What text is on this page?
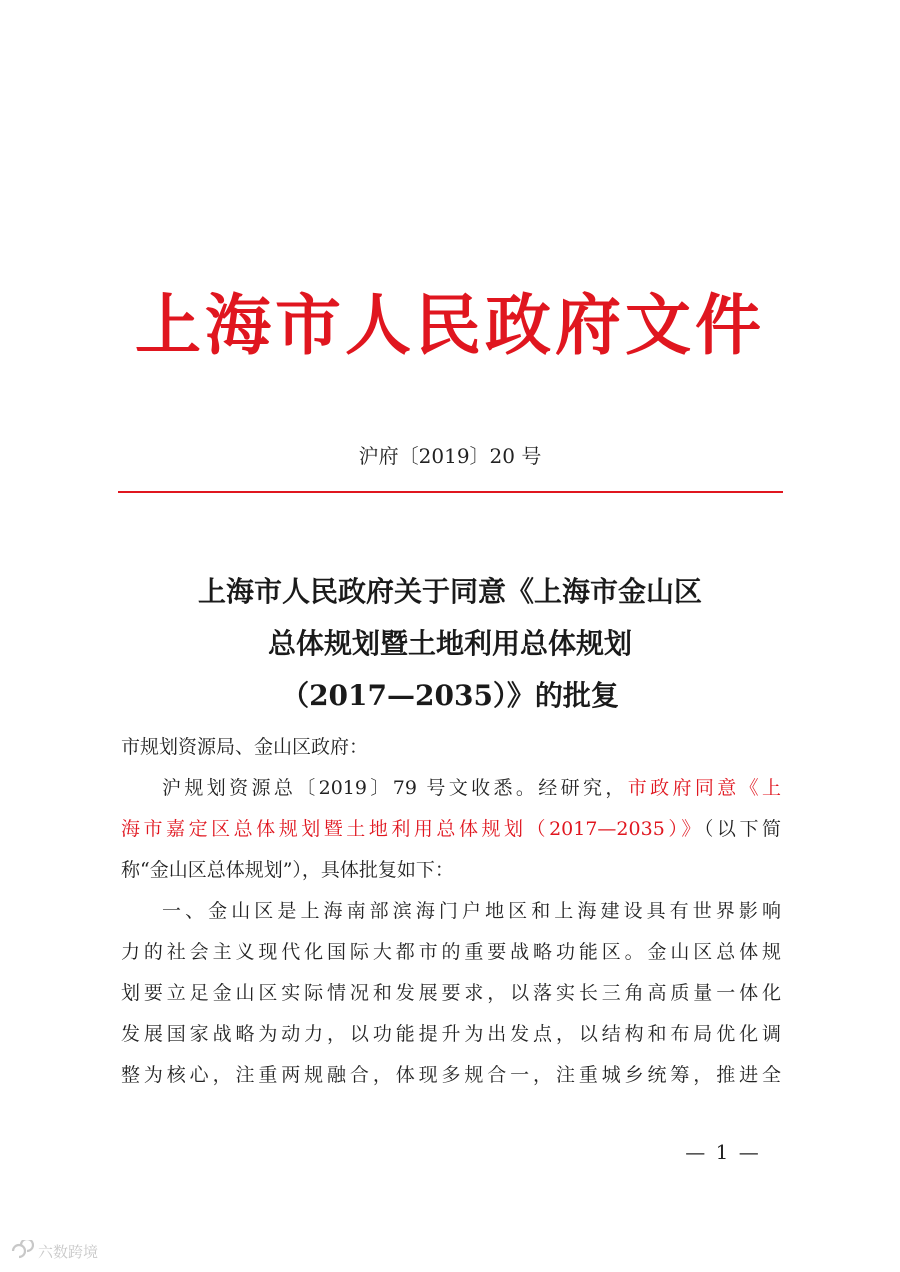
上海市人民政府文件
沪府〔2019〕20 号
上海市人民政府关于同意《上海市金山区
总体规划暨土地利用总体规划
（2017—2035）》的批复
市规划资源局、金山区政府：
沪规划资源总〔2019〕79 号文收悉。经研究，市政府同意《上
海市嘉定区总体规划暨土地利用总体规划（2017—2035）》（以下简
称“金山区总体规划”），具体批复如下：
一、金山区是上海南部滨海门户地区和上海建设具有世界影响
力的社会主义现代化国际大都市的重要战略功能区。金山区总体规
划要立足金山区实际情况和发展要求，以落实长三角高质量一体化
发展国家战略为动力，以功能提升为出发点，以结构和布局优化调
整为核心，注重两规融合，体现多规合一，注重城乡统筹，推进全
— 1 —
六数跨境
